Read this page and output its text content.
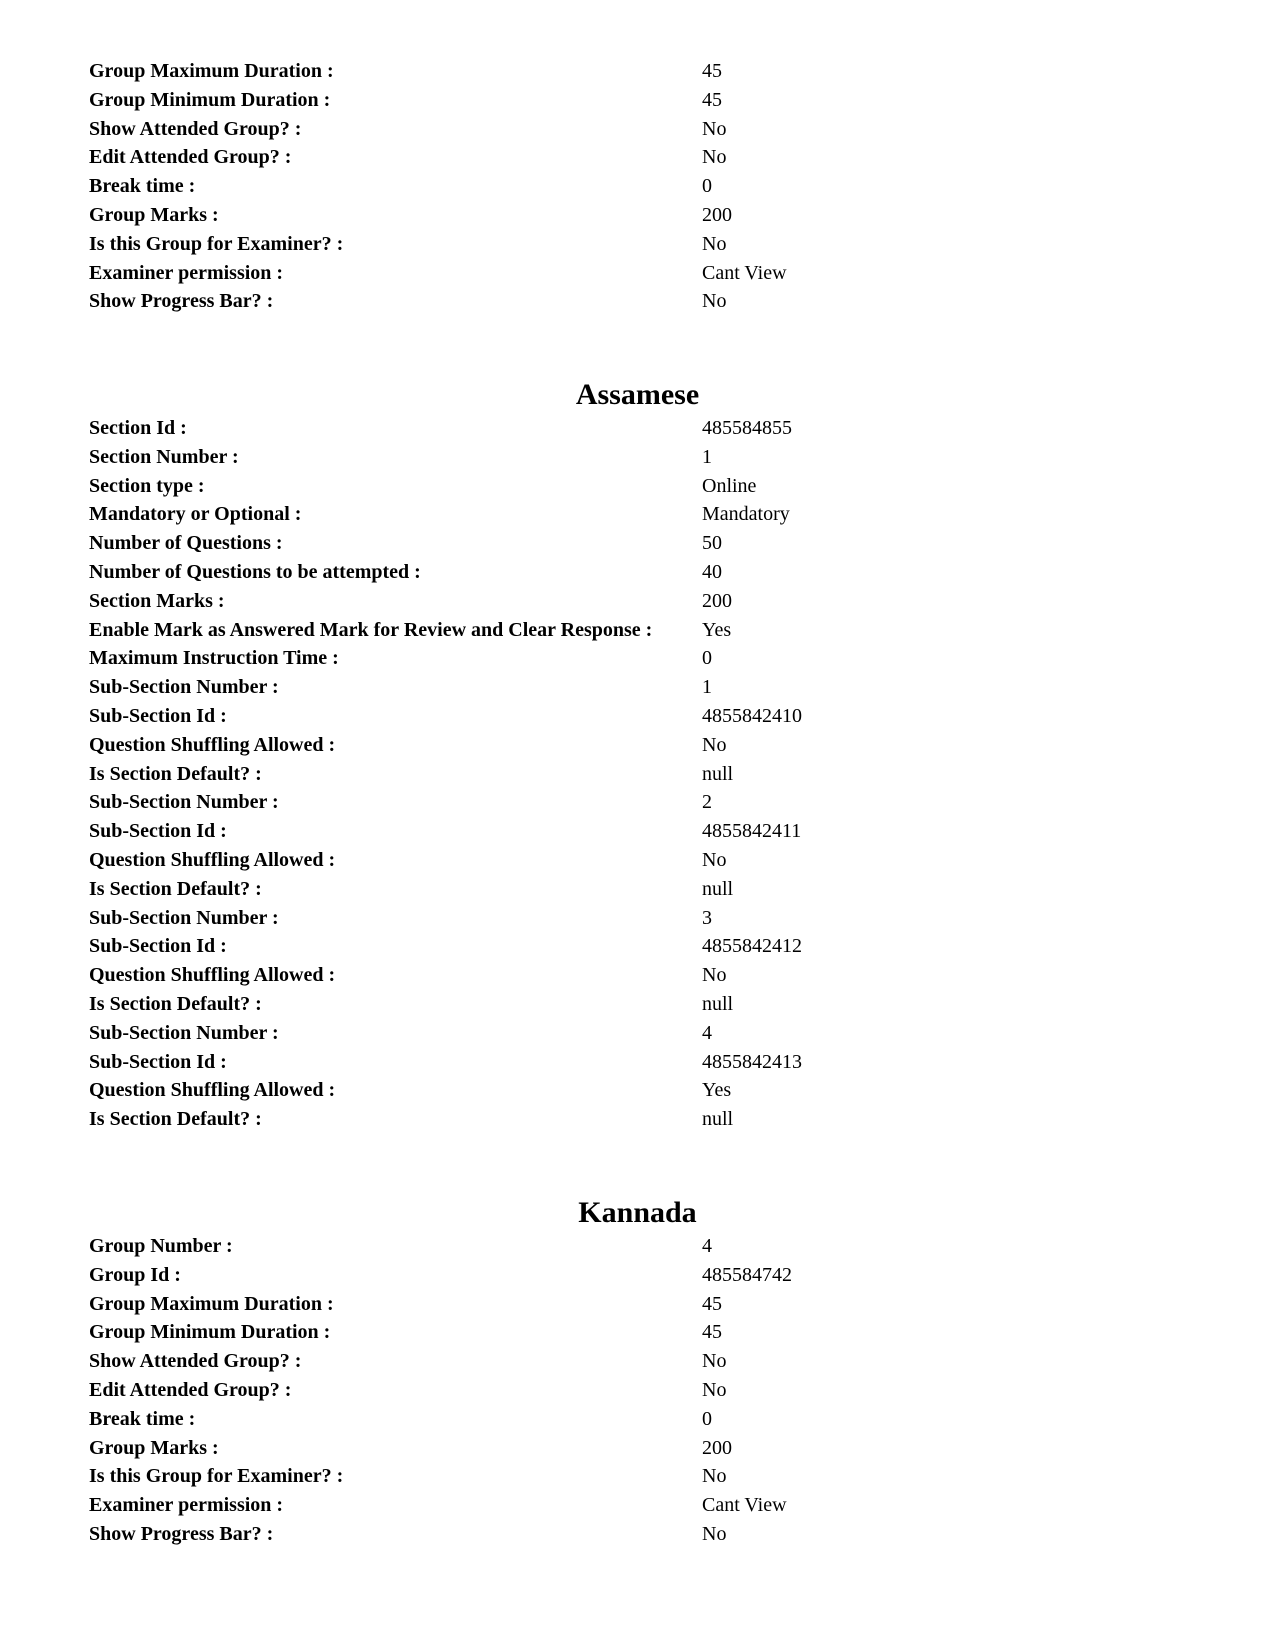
Group Maximum Duration :	45
Group Minimum Duration :	45
Show Attended Group? :	No
Edit Attended Group? :	No
Break time :	0
Group Marks :	200
Is this Group for Examiner? :	No
Examiner permission :	Cant View
Show Progress Bar? :	No
Assamese
Section Id :	485584855
Section Number :	1
Section type :	Online
Mandatory or Optional :	Mandatory
Number of Questions :	50
Number of Questions to be attempted :	40
Section Marks :	200
Enable Mark as Answered Mark for Review and Clear Response : Yes
Maximum Instruction Time :	0
Sub-Section Number :	1
Sub-Section Id :	4855842410
Question Shuffling Allowed :	No
Is Section Default? :	null
Sub-Section Number :	2
Sub-Section Id :	4855842411
Question Shuffling Allowed :	No
Is Section Default? :	null
Sub-Section Number :	3
Sub-Section Id :	4855842412
Question Shuffling Allowed :	No
Is Section Default? :	null
Sub-Section Number :	4
Sub-Section Id :	4855842413
Question Shuffling Allowed :	Yes
Is Section Default? :	null
Kannada
Group Number :	4
Group Id :	485584742
Group Maximum Duration :	45
Group Minimum Duration :	45
Show Attended Group? :	No
Edit Attended Group? :	No
Break time :	0
Group Marks :	200
Is this Group for Examiner? :	No
Examiner permission :	Cant View
Show Progress Bar? :	No
